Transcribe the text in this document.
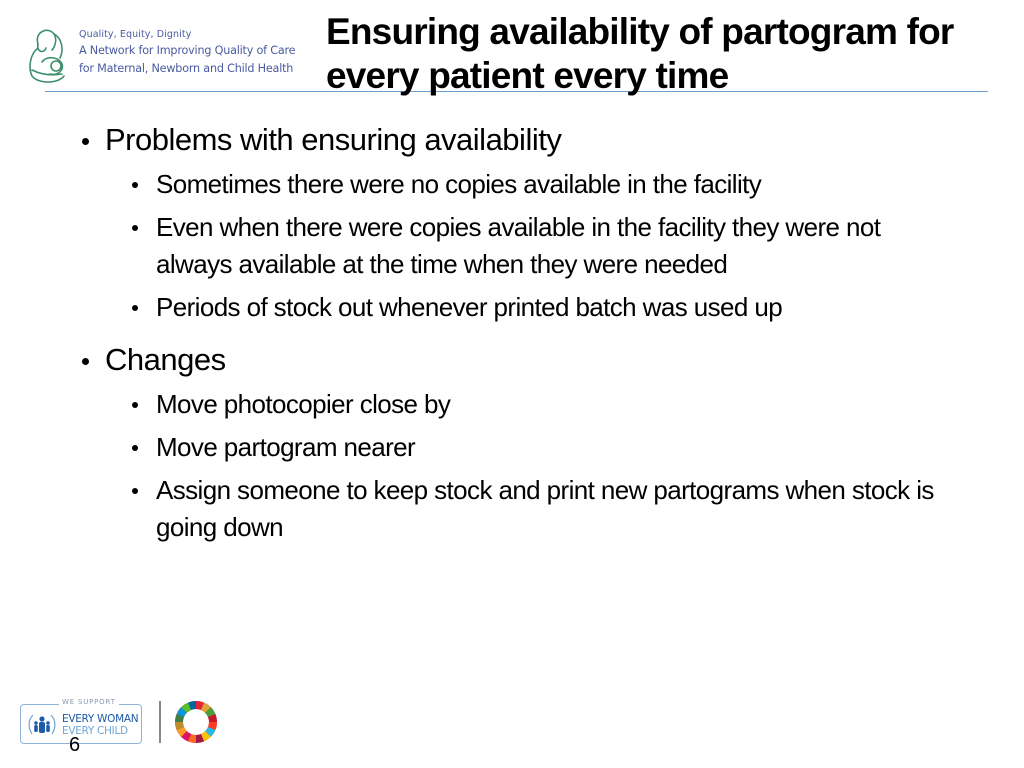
Quality, Equity, Dignity
A Network for Improving Quality of Care
for Maternal, Newborn and Child Health
Ensuring availability of partogram for every patient every time
Problems with ensuring availability
Sometimes there were no copies available in the facility
Even when there were copies available in the facility they were not always available at the time when they were needed
Periods of stock out whenever printed batch was used up
Changes
Move photocopier close by
Move partogram nearer
Assign someone to keep stock and print new partograms when stock is going down
WE SUPPORT
EVERY WOMAN
EVERY CHILD
6
